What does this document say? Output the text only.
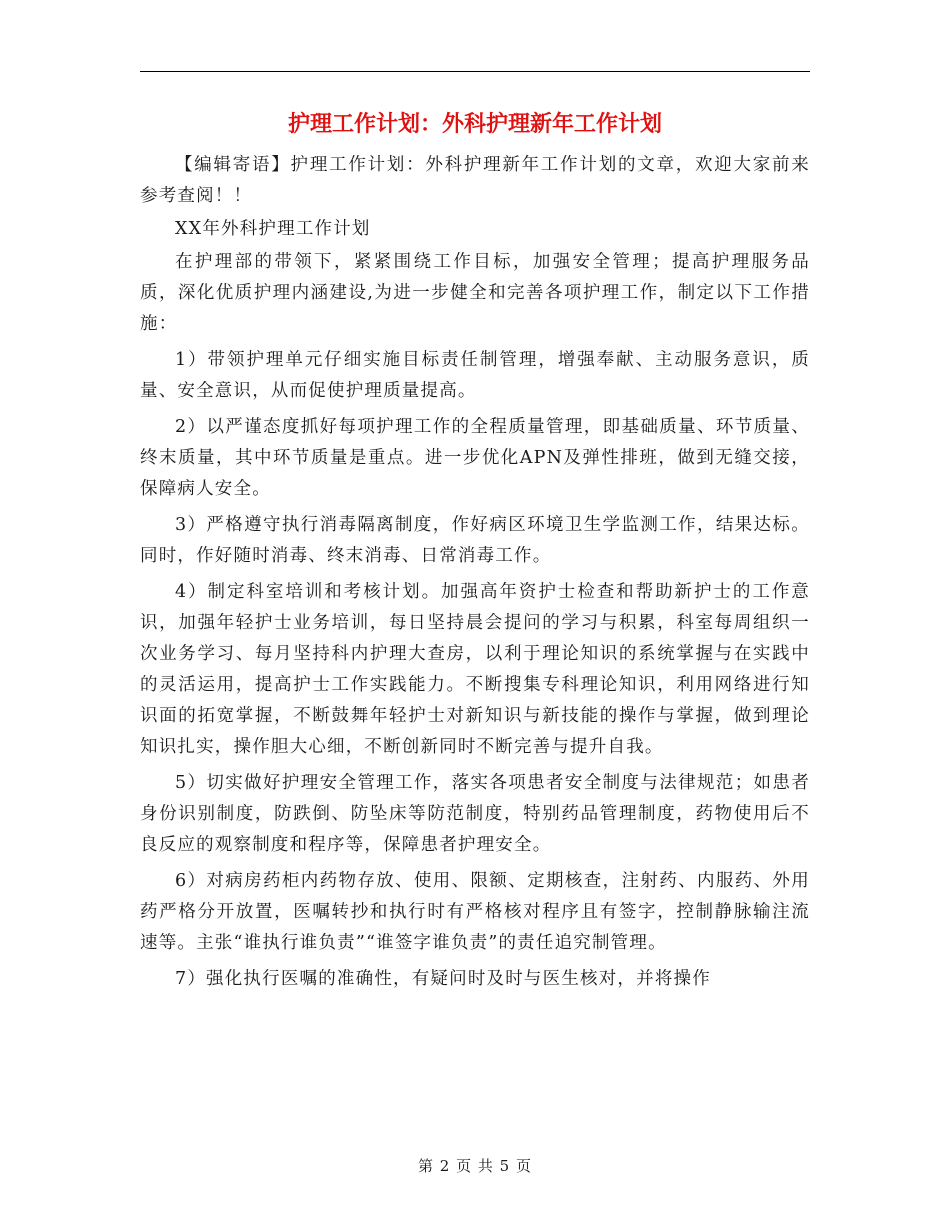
护理工作计划：外科护理新年工作计划

【编辑寄语】护理工作计划：外科护理新年工作计划的文章，欢迎大家前来参考查阅！！

XX年外科护理工作计划

在护理部的带领下，紧紧围绕工作目标，加强安全管理；提高护理服务品质，深化优质护理内涵建设,为进一步健全和完善各项护理工作，制定以下工作措施：

1）带领护理单元仔细实施目标责任制管理，增强奉献、主动服务意识，质量、安全意识，从而促使护理质量提高。

2）以严谨态度抓好每项护理工作的全程质量管理，即基础质量、环节质量、终末质量，其中环节质量是重点。进一步优化APN及弹性排班，做到无缝交接，保障病人安全。

3）严格遵守执行消毒隔离制度，作好病区环境卫生学监测工作，结果达标。同时，作好随时消毒、终末消毒、日常消毒工作。

4）制定科室培训和考核计划。加强高年资护士检查和帮助新护士的工作意识，加强年轻护士业务培训，每日坚持晨会提问的学习与积累，科室每周组织一次业务学习、每月坚持科内护理大查房，以利于理论知识的系统掌握与在实践中的灵活运用，提高护士工作实践能力。不断搜集专科理论知识，利用网络进行知识面的拓宽掌握，不断鼓舞年轻护士对新知识与新技能的操作与掌握，做到理论知识扎实，操作胆大心细，不断创新同时不断完善与提升自我。

5）切实做好护理安全管理工作，落实各项患者安全制度与法律规范；如患者身份识别制度，防跌倒、防坠床等防范制度，特别药品管理制度，药物使用后不良反应的观察制度和程序等，保障患者护理安全。

6）对病房药柜内药物存放、使用、限额、定期核查，注射药、内服药、外用药严格分开放置，医嘱转抄和执行时有严格核对程序且有签字，控制静脉输注流速等。主张“谁执行谁负责”“谁签字谁负责”的责任追究制管理。

7）强化执行医嘱的准确性，有疑问时及时与医生核对，并将操作

第 2 页 共 5 页
